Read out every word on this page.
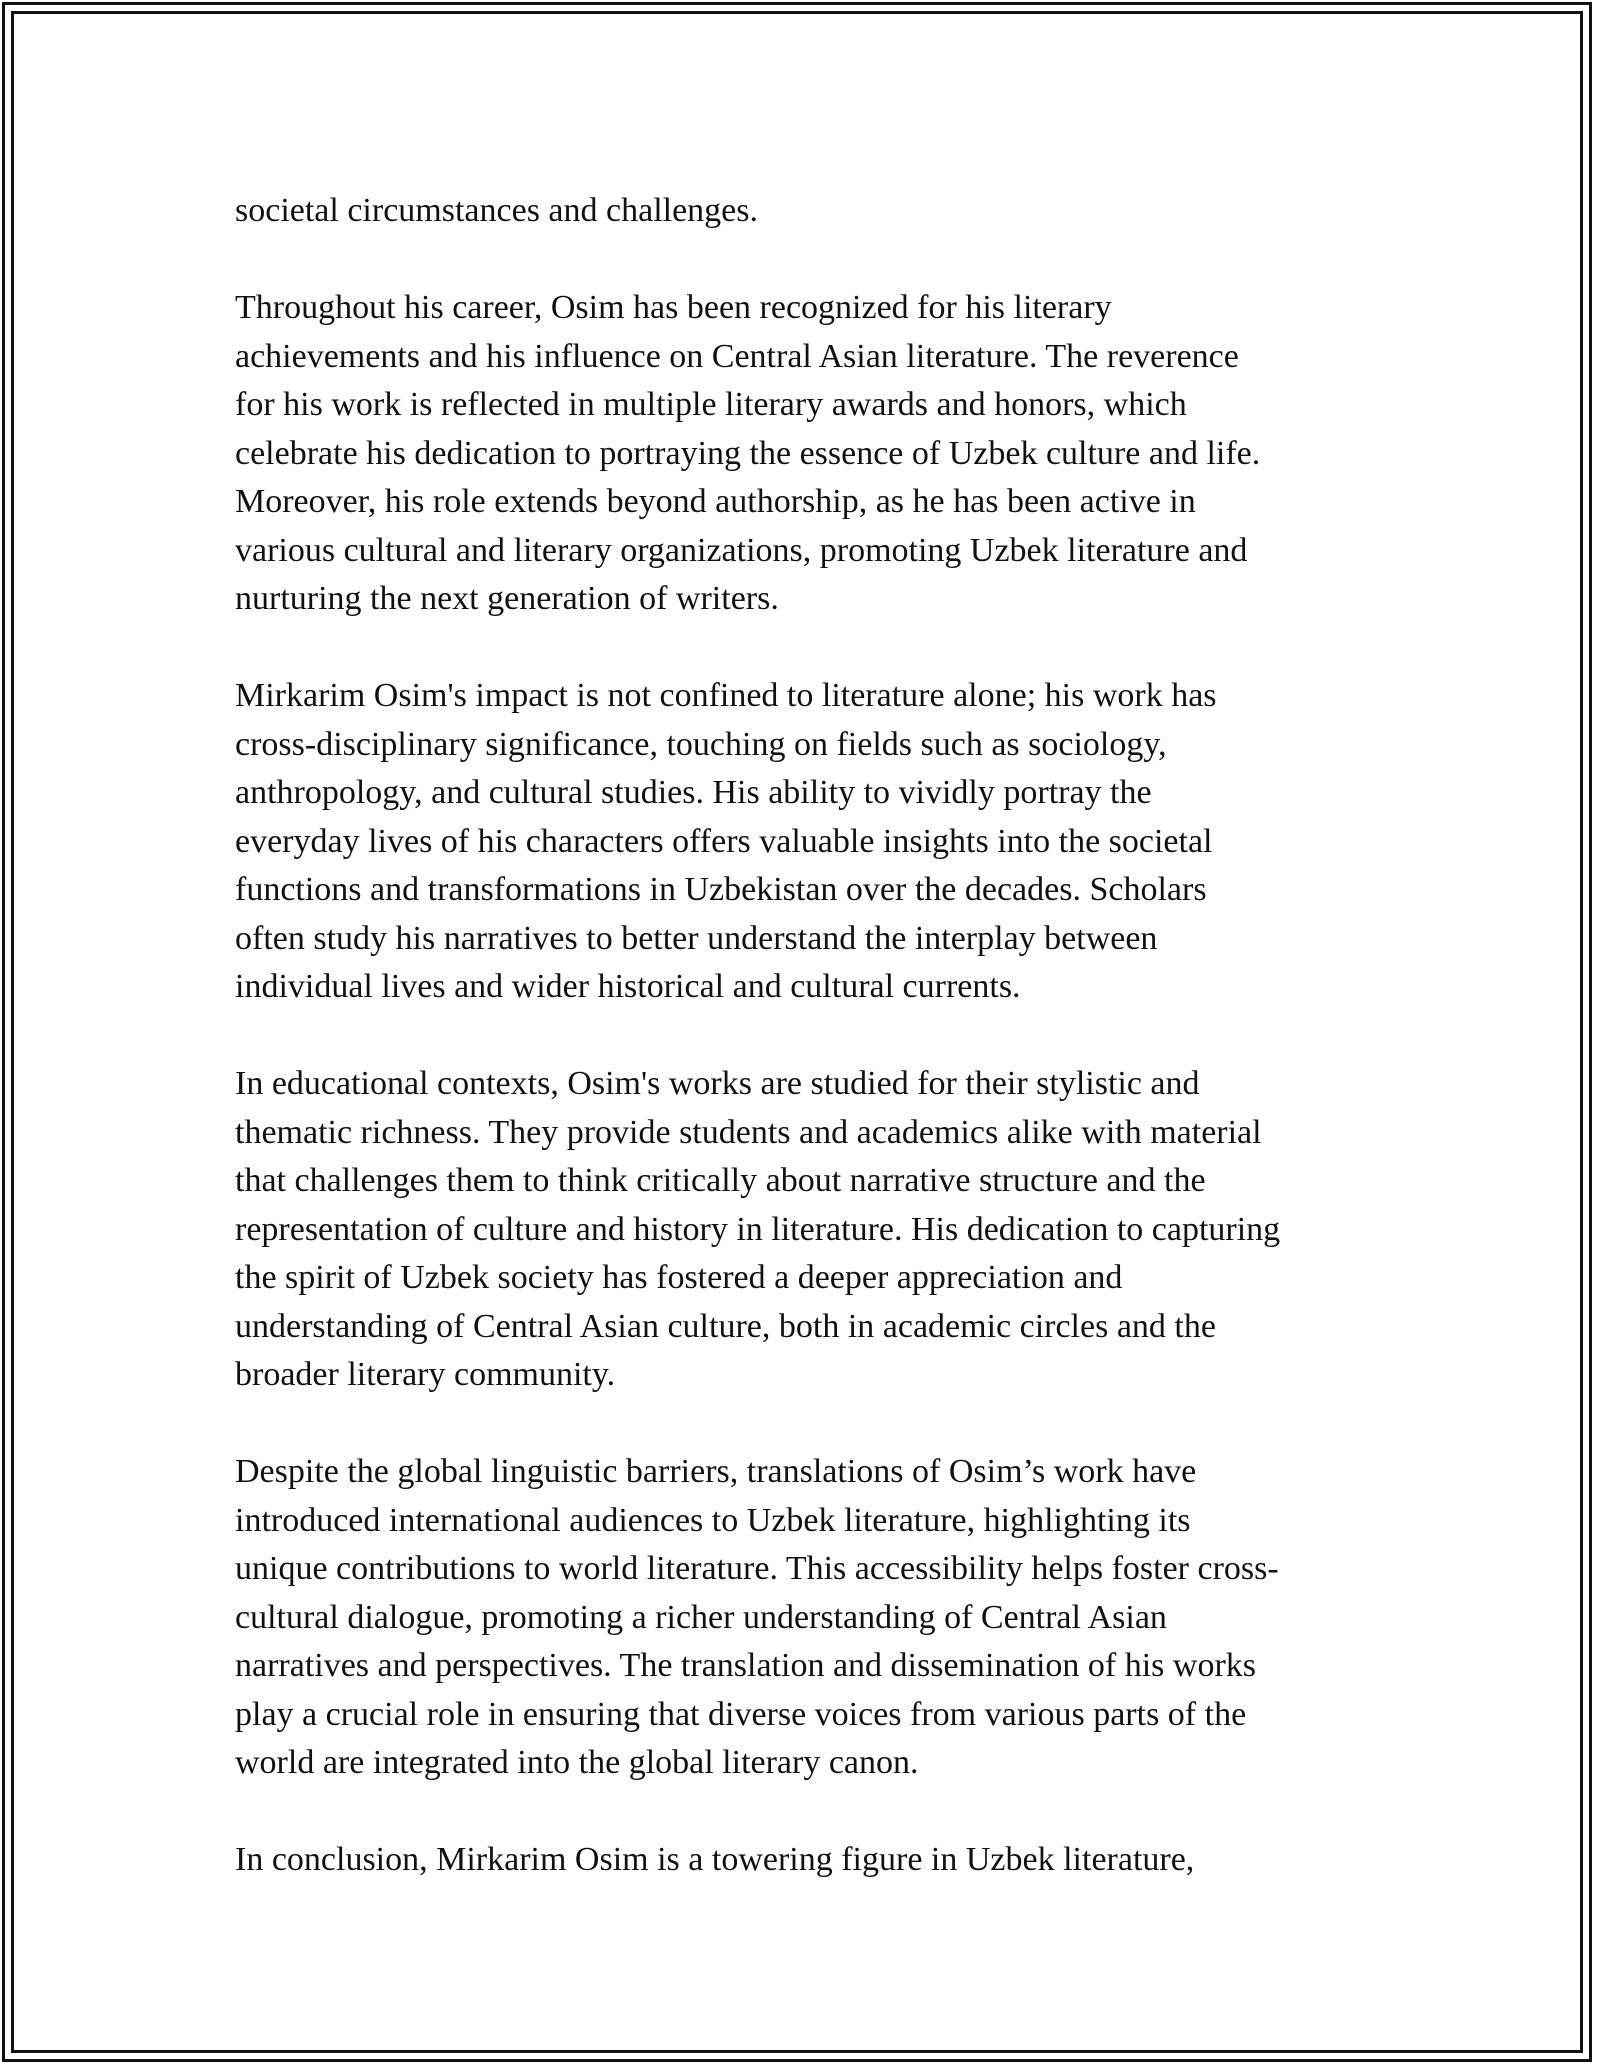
societal circumstances and challenges.

Throughout his career, Osim has been recognized for his literary
achievements and his influence on Central Asian literature. The reverence
for his work is reflected in multiple literary awards and honors, which
celebrate his dedication to portraying the essence of Uzbek culture and life.
Moreover, his role extends beyond authorship, as he has been active in
various cultural and literary organizations, promoting Uzbek literature and
nurturing the next generation of writers.

Mirkarim Osim's impact is not confined to literature alone; his work has
cross-disciplinary significance, touching on fields such as sociology,
anthropology, and cultural studies. His ability to vividly portray the
everyday lives of his characters offers valuable insights into the societal
functions and transformations in Uzbekistan over the decades. Scholars
often study his narratives to better understand the interplay between
individual lives and wider historical and cultural currents.

In educational contexts, Osim's works are studied for their stylistic and
thematic richness. They provide students and academics alike with material
that challenges them to think critically about narrative structure and the
representation of culture and history in literature. His dedication to capturing
the spirit of Uzbek society has fostered a deeper appreciation and
understanding of Central Asian culture, both in academic circles and the
broader literary community.

Despite the global linguistic barriers, translations of Osim’s work have
introduced international audiences to Uzbek literature, highlighting its
unique contributions to world literature. This accessibility helps foster cross-
cultural dialogue, promoting a richer understanding of Central Asian
narratives and perspectives. The translation and dissemination of his works
play a crucial role in ensuring that diverse voices from various parts of the
world are integrated into the global literary canon.

In conclusion, Mirkarim Osim is a towering figure in Uzbek literature,
